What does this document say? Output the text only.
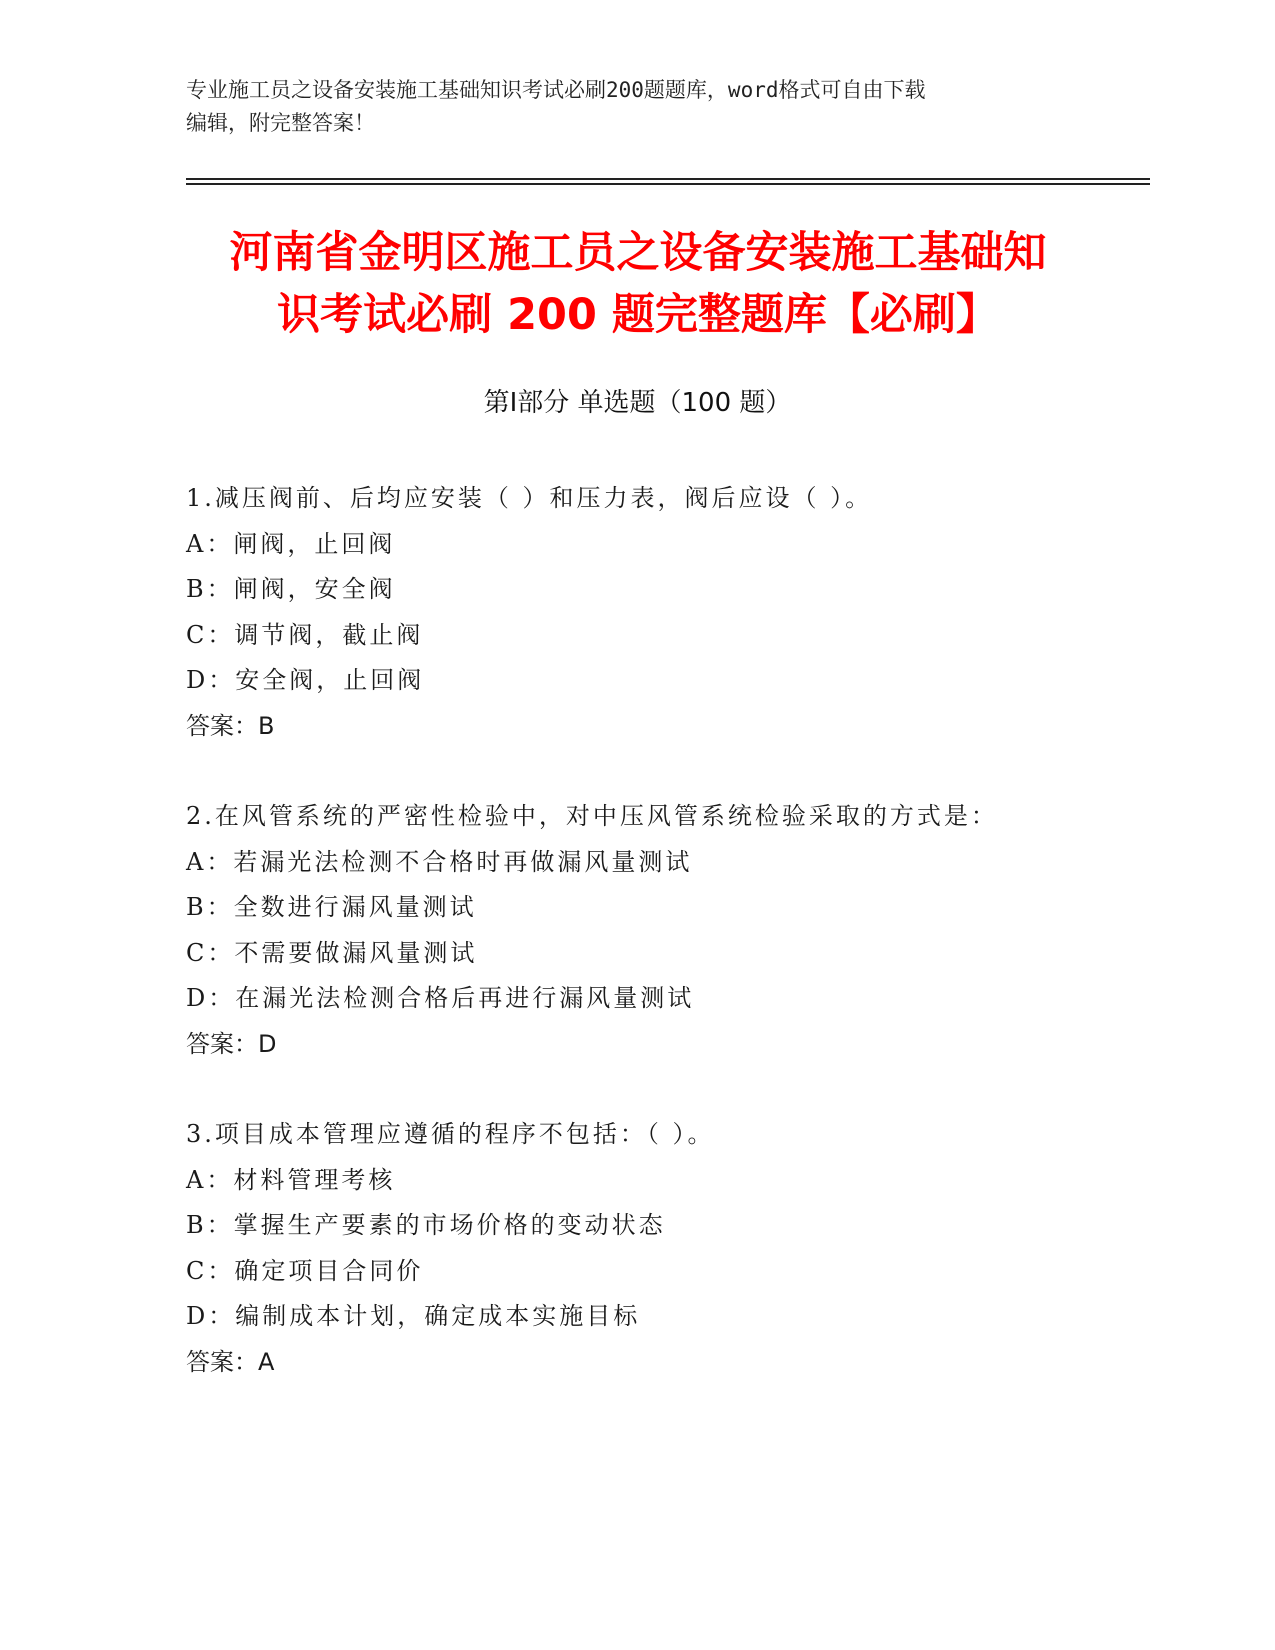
专业施工员之设备安装施工基础知识考试必刷200题题库，word格式可自由下载
编辑，附完整答案！
河南省金明区施工员之设备安装施工基础知
识考试必刷 200 题完整题库【必刷】
第Ⅰ部分 单选题（100 题）
1.减压阀前、后均应安装（ ）和压力表，阀后应设（ ）。
A：闸阀，止回阀
B：闸阀，安全阀
C：调节阀，截止阀
D：安全阀，止回阀
答案：B
2.在风管系统的严密性检验中，对中压风管系统检验采取的方式是：
A：若漏光法检测不合格时再做漏风量测试
B：全数进行漏风量测试
C：不需要做漏风量测试
D：在漏光法检测合格后再进行漏风量测试
答案：D
3.项目成本管理应遵循的程序不包括：（ ）。
A：材料管理考核
B：掌握生产要素的市场价格的变动状态
C：确定项目合同价
D：编制成本计划，确定成本实施目标
答案：A
